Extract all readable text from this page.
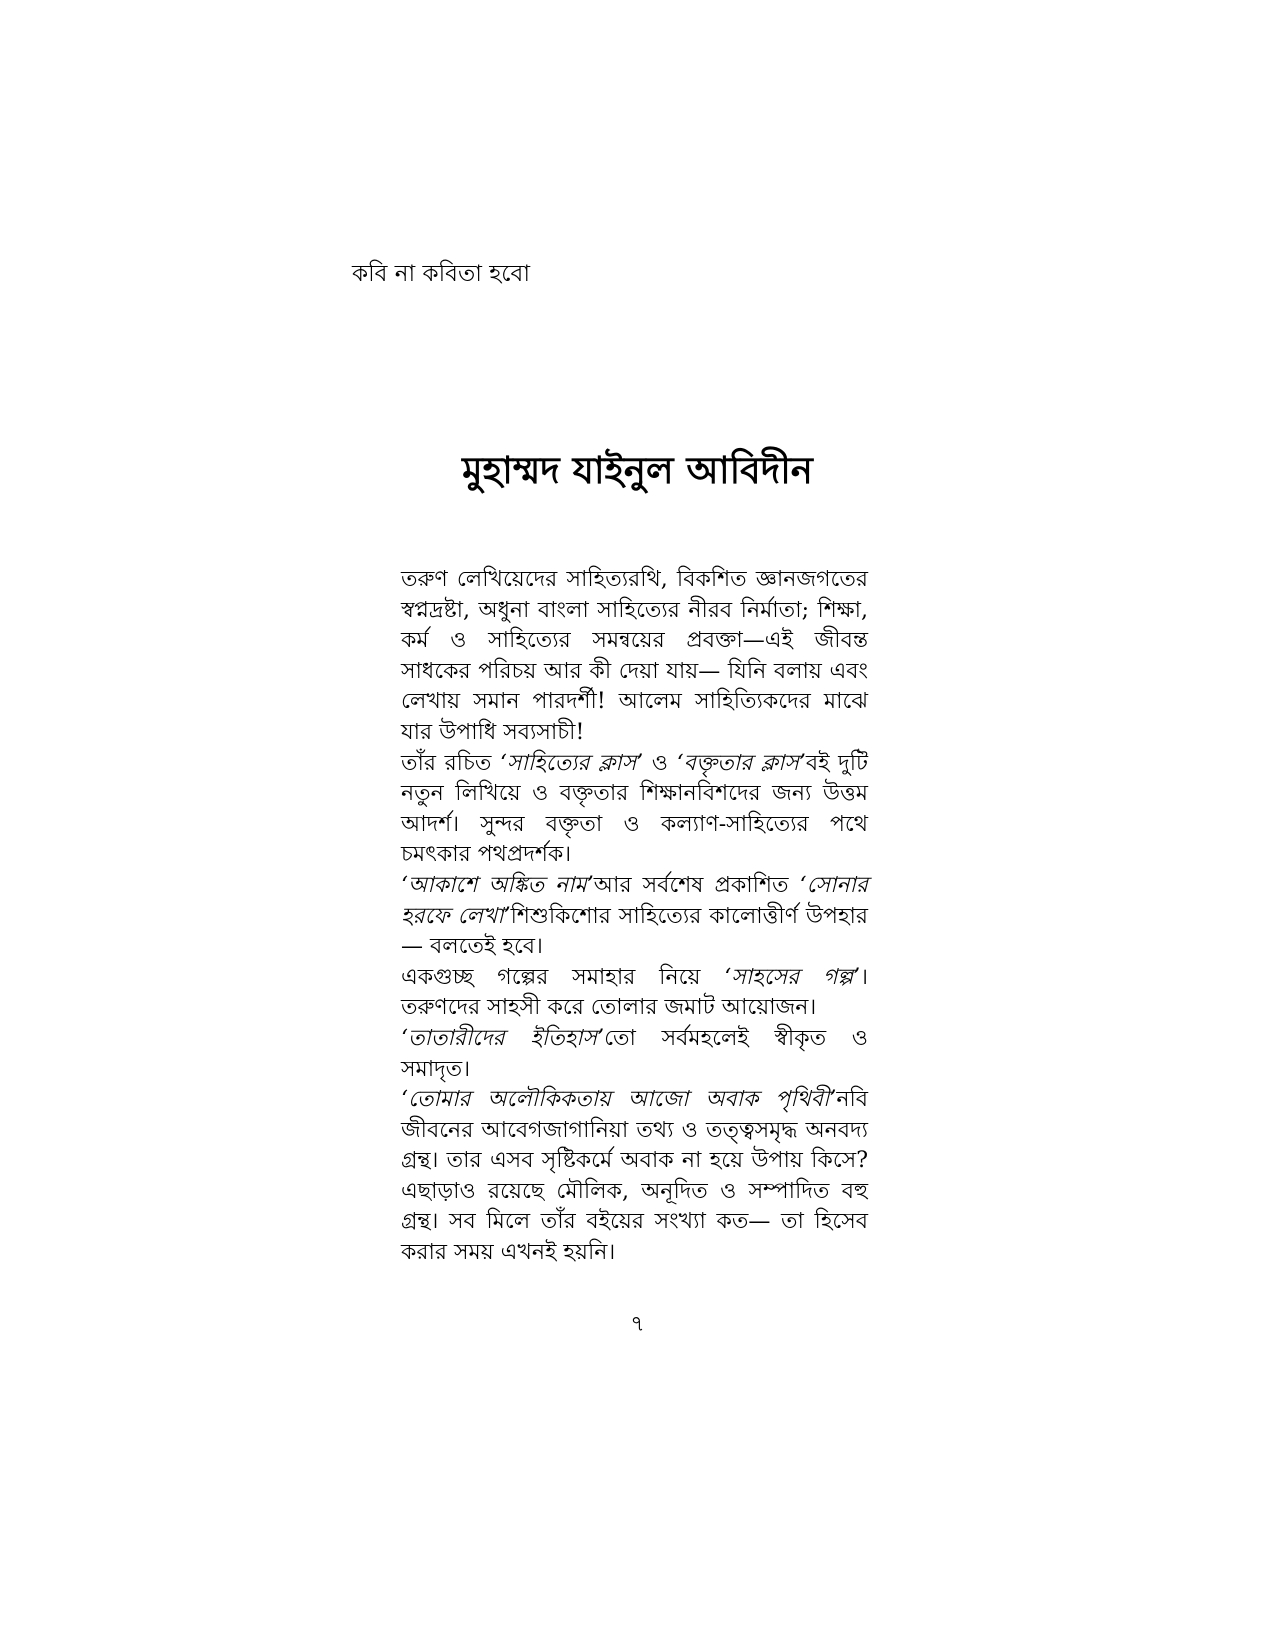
কবি না কবিতা হবো
মুহাম্মদ যাইনুল আবিদীন

তরুণ লেখিয়েদের সাহিত্যরথি, বিকশিত জ্ঞানজগতের স্বপ্নদ্রষ্টা, অধুনা বাংলা সাহিত্যের নীরব নির্মাতা; শিক্ষা, কর্ম ও সাহিত্যের সমন্বয়ের প্রবক্তা—এই জীবন্ত সাধকের পরিচয় আর কী দেয়া যায়— যিনি বলায় এবং লেখায় সমান পারদর্শী! আলেম সাহিত্যিকদের মাঝে যার উপাধি সব্যসাচী!

তাঁর রচিত ‘সাহিত্যের ক্লাস’ ও ‘বক্তৃতার ক্লাস’বই দুটি নতুন লিখিয়ে ও বক্তৃতার শিক্ষানবিশদের জন্য উত্তম আদর্শ। সুন্দর বক্তৃতা ও কল্যাণ-সাহিত্যের পথে চমৎকার পথপ্রদর্শক।

‘আকাশে অঙ্কিত নাম’আর সর্বশেষ প্রকাশিত ‘সোনার হরফে লেখা’শিশুকিশোর সাহিত্যের কালোত্তীর্ণ উপহার— বলতেই হবে।

একগুচ্ছ গল্পের সমাহার নিয়ে ‘সাহসের গল্প’। তরুণদের সাহসী করে তোলার জমাট আয়োজন।

‘তাতারীদের ইতিহাস’তো সর্বমহলেই স্বীকৃত ও সমাদৃত।

‘তোমার অলৌকিকতায় আজো অবাক পৃথিবী’নবি জীবনের আবেগজাগানিয়া তথ্য ও তত্ত্বসমৃদ্ধ অনবদ্য গ্রন্থ। তার এসব সৃষ্টিকর্মে অবাক না হয়ে উপায় কিসে? এছাড়াও রয়েছে মৌলিক, অনূদিত ও সম্পাদিত বহু গ্রন্থ। সব মিলে তাঁর বইয়ের সংখ্যা কত— তা হিসেব করার সময় এখনই হয়নি।

৭
